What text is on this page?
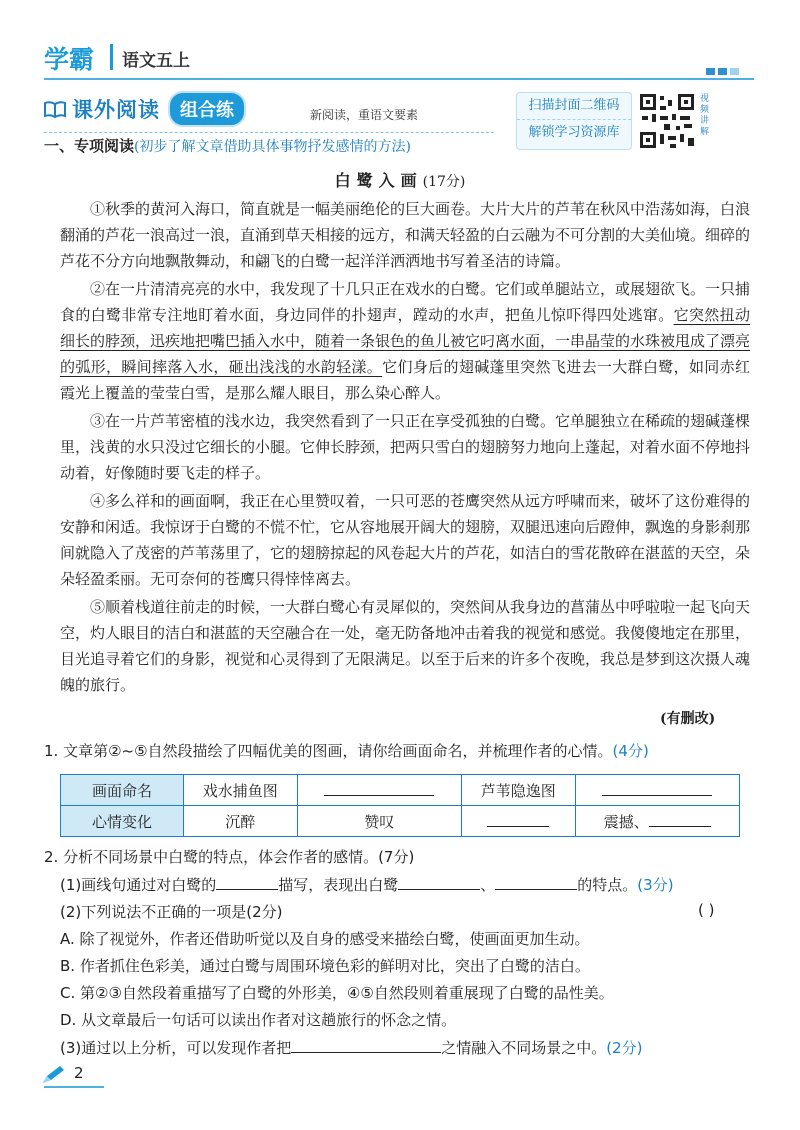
学霸 语文五上
课外阅读	组合练	新阅读，重语文要素
扫描封面二维码
解锁学习资源库
视频讲解
一、专项阅读(初步了解文章借助具体事物抒发感情的方法)
白鹭入画(17分)

①秋季的黄河入海口，简直就是一幅美丽绝伦的巨大画卷。大片大片的芦苇在秋风中浩荡如海，白浪翻涌的芦花一浪高过一浪，直涌到草天相接的远方，和满天轻盈的白云融为不可分割的大美仙境。细碎的芦花不分方向地飘散舞动，和翩飞的白鹭一起洋洋洒洒地书写着圣洁的诗篇。

②在一片清清亮亮的水中，我发现了十几只正在戏水的白鹭。它们或单腿站立，或展翅欲飞。一只捕食的白鹭非常专注地盯着水面，身边同伴的扑翅声，蹚动的水声，把鱼儿惊吓得四处逃窜。它突然扭动细长的脖颈，迅疾地把嘴巴插入水中，随着一条银色的鱼儿被它叼离水面，一串晶莹的水珠被甩成了漂亮的弧形，瞬间摔落入水，砸出浅浅的水韵轻漾。它们身后的翅碱蓬里突然飞进去一大群白鹭，如同赤红霞光上覆盖的莹莹白雪，是那么耀人眼目，那么染心醉人。

③在一片芦苇密植的浅水边，我突然看到了一只正在享受孤独的白鹭。它单腿独立在稀疏的翅碱蓬棵里，浅黄的水只没过它细长的小腿。它伸长脖颈，把两只雪白的翅膀努力地向上蓬起，对着水面不停地抖动着，好像随时要飞走的样子。

④多么祥和的画面啊，我正在心里赞叹着，一只可恶的苍鹰突然从远方呼啸而来，破坏了这份难得的安静和闲适。我惊讶于白鹭的不慌不忙，它从容地展开阔大的翅膀，双腿迅速向后蹬伸，飘逸的身影刹那间就隐入了茂密的芦苇荡里了，它的翅膀掠起的风卷起大片的芦花，如洁白的雪花散碎在湛蓝的天空，朵朵轻盈柔丽。无可奈何的苍鹰只得悻悻离去。

⑤顺着栈道往前走的时候，一大群白鹭心有灵犀似的，突然间从我身边的菖蒲丛中呼啦啦一起飞向天空，灼人眼目的洁白和湛蓝的天空融合在一处，毫无防备地冲击着我的视觉和感觉。我傻傻地定在那里，目光追寻着它们的身影，视觉和心灵得到了无限满足。以至于后来的许多个夜晚，我总是梦到这次摄人魂魄的旅行。

(有删改)
1. 文章第②~⑤自然段描绘了四幅优美的图画，请你给画面命名，并梳理作者的心情。(4分)
画面命名	戏水捕鱼图		芦苇隐逸图	
心情变化	沉醉	赞叹		震撼、
2. 分析不同场景中白鹭的特点，体会作者的感情。(7分)
(1)画线句通过对白鹭的	描写，表现出白鹭	、	的特点。(3分)
(2)下列说法不正确的一项是(2分)	( )
A. 除了视觉外，作者还借助听觉以及自身的感受来描绘白鹭，使画面更加生动。
B. 作者抓住色彩美，通过白鹭与周围环境色彩的鲜明对比，突出了白鹭的洁白。
C. 第②③自然段着重描写了白鹭的外形美，④⑤自然段则着重展现了白鹭的品性美。
D. 从文章最后一句话可以读出作者对这趟旅行的怀念之情。
(3)通过以上分析，可以发现作者把	之情融入不同场景之中。(2分)
2
